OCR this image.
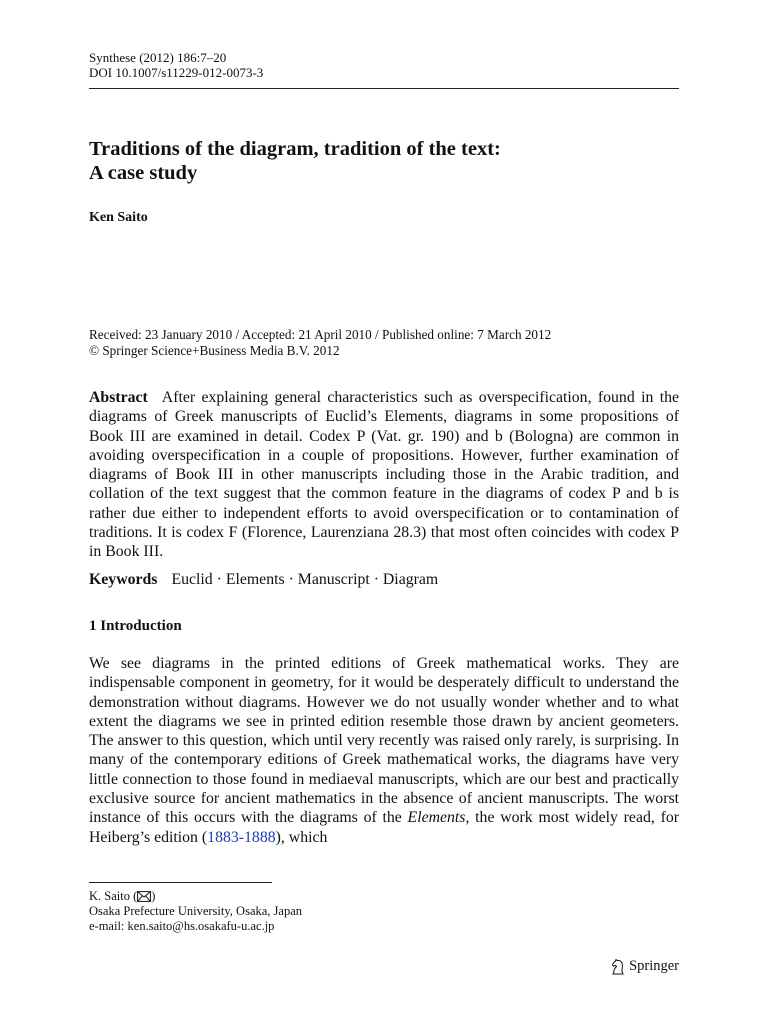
Synthese (2012) 186:7–20
DOI 10.1007/s11229-012-0073-3
Traditions of the diagram, tradition of the text:
A case study
Ken Saito
Received: 23 January 2010 / Accepted: 21 April 2010 / Published online: 7 March 2012
© Springer Science+Business Media B.V. 2012
Abstract After explaining general characteristics such as overspecification, found in the diagrams of Greek manuscripts of Euclid’s Elements, diagrams in some propositions of Book III are examined in detail. Codex P (Vat. gr. 190) and b (Bologna) are common in avoiding overspecification in a couple of propositions. However, further examination of diagrams of Book III in other manuscripts including those in the Arabic tradition, and collation of the text suggest that the common feature in the diagrams of codex P and b is rather due either to independent efforts to avoid overspecification or to contamination of traditions. It is codex F (Florence, Laurenziana 28.3) that most often coincides with codex P in Book III.
Keywords Euclid · Elements · Manuscript · Diagram
1 Introduction
We see diagrams in the printed editions of Greek mathematical works. They are indispensable component in geometry, for it would be desperately difficult to understand the demonstration without diagrams. However we do not usually wonder whether and to what extent the diagrams we see in printed edition resemble those drawn by ancient geometers. The answer to this question, which until very recently was raised only rarely, is surprising. In many of the contemporary editions of Greek mathematical works, the diagrams have very little connection to those found in mediaeval manuscripts, which are our best and practically exclusive source for ancient mathematics in the absence of ancient manuscripts. The worst instance of this occurs with the diagrams of the Elements, the work most widely read, for Heiberg’s edition (1883-1888), which
K. Saito ( )
Osaka Prefecture University, Osaka, Japan
e-mail: ken.saito@hs.osakafu-u.ac.jp
Springer
